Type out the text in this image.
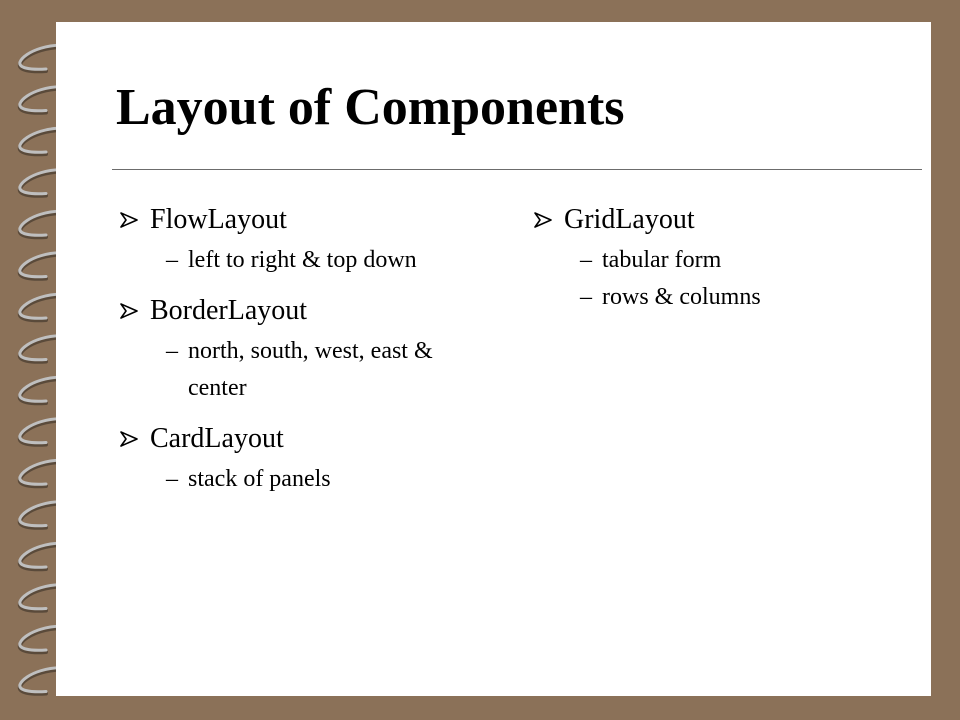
Layout of Components
FlowLayout
– left to right & top down
BorderLayout
– north, south, west, east & center
CardLayout
– stack of panels
GridLayout
– tabular form
– rows & columns
